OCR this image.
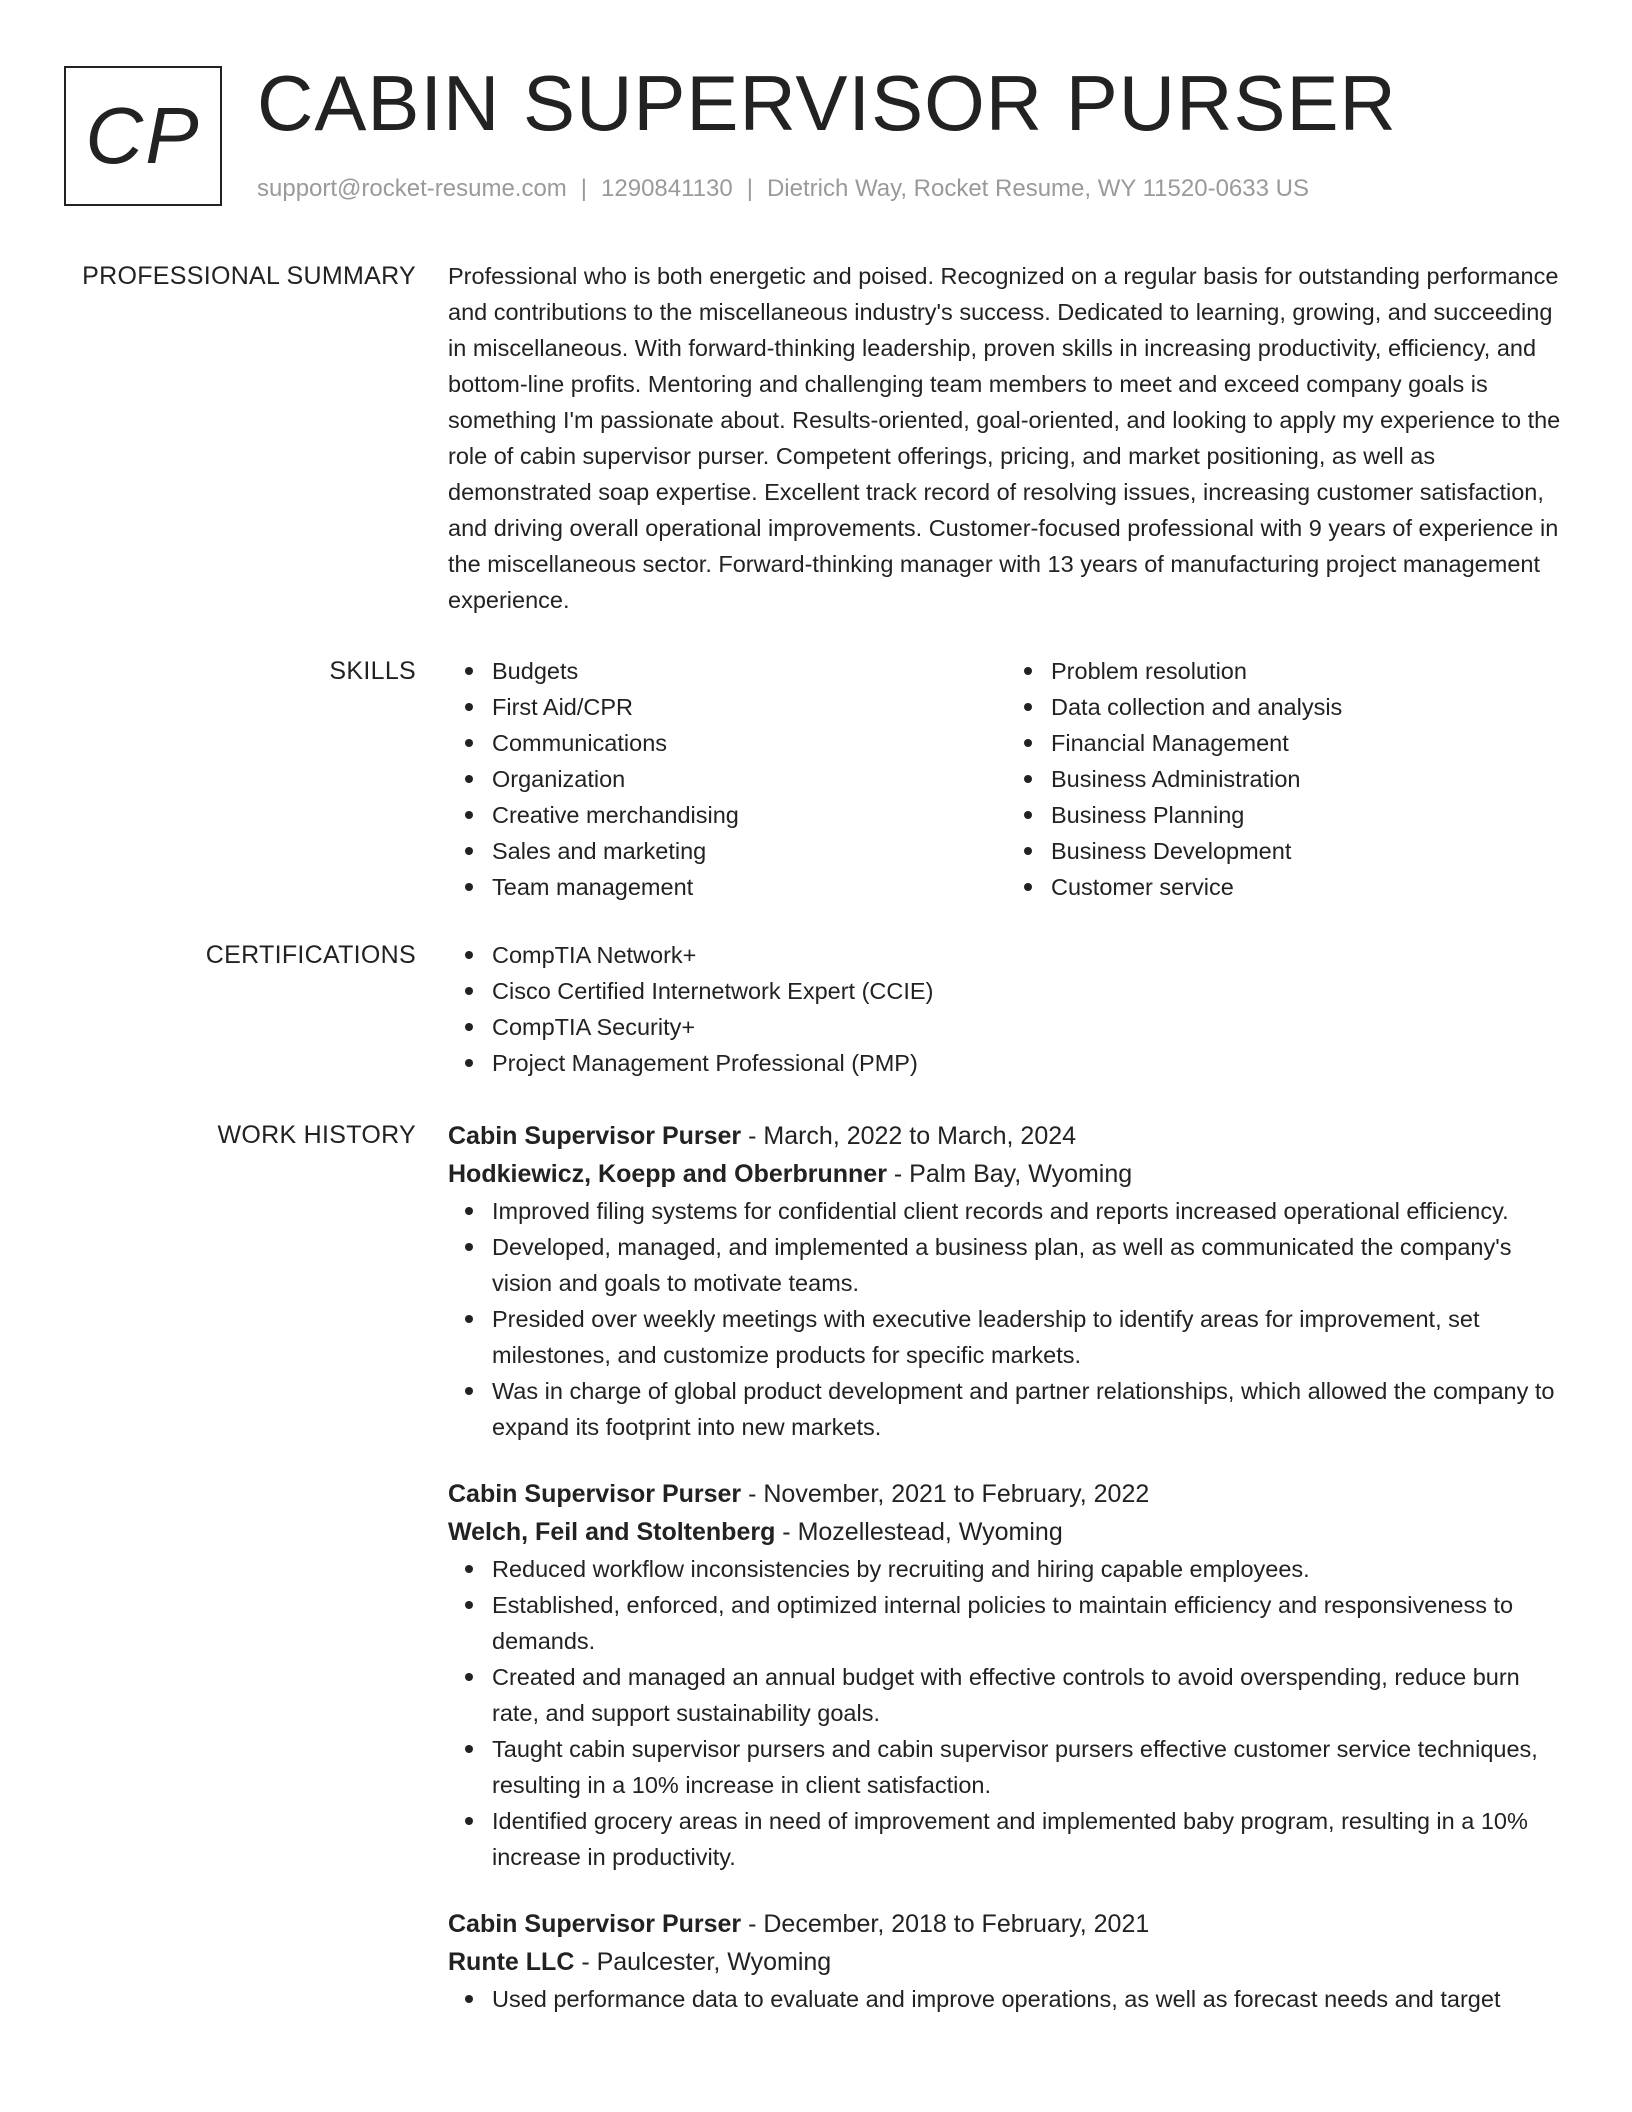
CP CABIN SUPERVISOR PURSER
support@rocket-resume.com | 1290841130 | Dietrich Way, Rocket Resume, WY 11520-0633 US
PROFESSIONAL SUMMARY Professional who is both energetic and poised. Recognized on a regular basis for outstanding performance and contributions to the miscellaneous industry's success. Dedicated to learning, growing, and succeeding in miscellaneous. With forward-thinking leadership, proven skills in increasing productivity, efficiency, and bottom-line profits. Mentoring and challenging team members to meet and exceed company goals is something I'm passionate about. Results-oriented, goal-oriented, and looking to apply my experience to the role of cabin supervisor purser. Competent offerings, pricing, and market positioning, as well as demonstrated soap expertise. Excellent track record of resolving issues, increasing customer satisfaction, and driving overall operational improvements. Customer-focused professional with 9 years of experience in the miscellaneous sector. Forward-thinking manager with 13 years of manufacturing project management experience.

SKILLS	Budgets
First Aid/CPR
Communications
Organization
Creative merchandising
Sales and marketing
Team management
Problem resolution
Data collection and analysis
Financial Management
Business Administration
Business Planning
Business Development
Customer service
CERTIFICATIONS	CompTIA Network+
Cisco Certified Internetwork Expert (CCIE)
CompTIA Security+
Project Management Professional (PMP)
WORK HISTORY Cabin Supervisor Purser - March, 2022 to March, 2024
Hodkiewicz, Koepp and Oberbrunner - Palm Bay, Wyoming
Improved filing systems for confidential client records and reports increased operational efficiency.
Developed, managed, and implemented a business plan, as well as communicated the company's vision and goals to motivate teams.
Presided over weekly meetings with executive leadership to identify areas for improvement, set milestones, and customize products for specific markets.
Was in charge of global product development and partner relationships, which allowed the company to expand its footprint into new markets.
Cabin Supervisor Purser - November, 2021 to February, 2022
Welch, Feil and Stoltenberg - Mozellestead, Wyoming
Reduced workflow inconsistencies by recruiting and hiring capable employees.
Established, enforced, and optimized internal policies to maintain efficiency and responsiveness to demands.
Created and managed an annual budget with effective controls to avoid overspending, reduce burn rate, and support sustainability goals.
Taught cabin supervisor pursers and cabin supervisor pursers effective customer service techniques, resulting in a 10% increase in client satisfaction.
Identified grocery areas in need of improvement and implemented baby program, resulting in a 10% increase in productivity.
Cabin Supervisor Purser - December, 2018 to February, 2021
Runte LLC - Paulcester, Wyoming
Used performance data to evaluate and improve operations, as well as forecast needs and target
